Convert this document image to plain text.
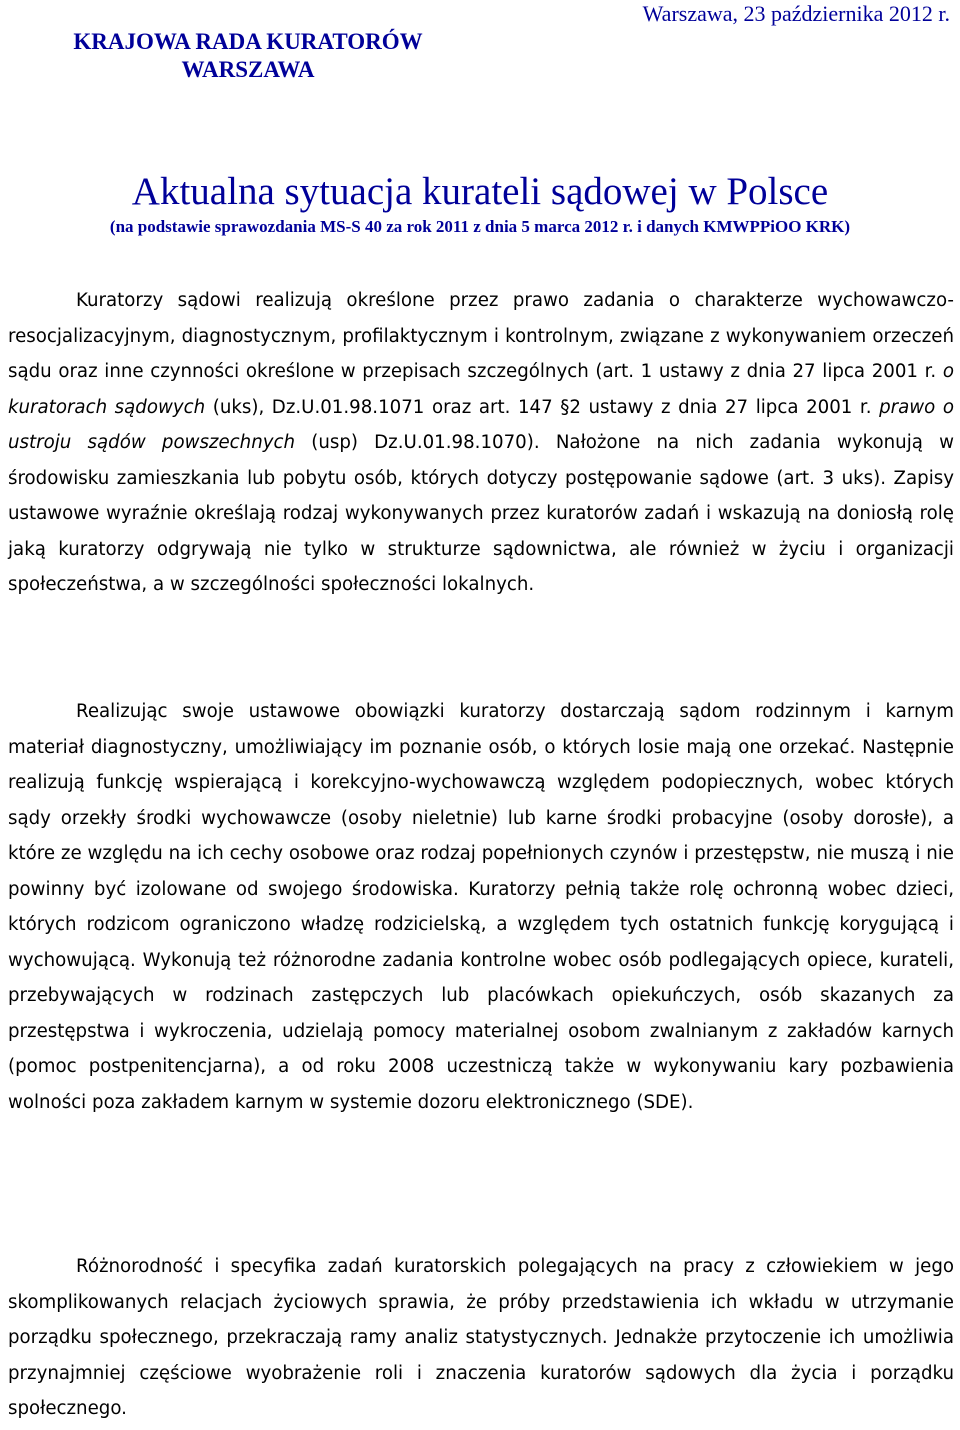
KRAJOWA RADA KURATORÓW
WARSZAWA
Warszawa, 23 października 2012 r.
Aktualna sytuacja kurateli sądowej w Polsce
(na podstawie sprawozdania MS-S 40 za rok 2011 z dnia 5 marca 2012 r. i danych KMWPPiOO KRK)

Kuratorzy sądowi realizują określone przez prawo zadania o charakterze wychowawczo-resocjalizacyjnym, diagnostycznym, profilaktycznym i kontrolnym, związane z wykonywaniem orzeczeń sądu oraz inne czynności określone w przepisach szczególnych (art. 1 ustawy z dnia 27 lipca 2001 r. o kuratorach sądowych (uks), Dz.U.01.98.1071 oraz art. 147 §2 ustawy z dnia 27 lipca 2001 r. prawo o ustroju sądów powszechnych (usp) Dz.U.01.98.1070). Nałożone na nich zadania wykonują w środowisku zamieszkania lub pobytu osób, których dotyczy postępowanie sądowe (art. 3 uks). Zapisy ustawowe wyraźnie określają rodzaj wykonywanych przez kuratorów zadań i wskazują na doniosłą rolę jaką kuratorzy odgrywają nie tylko w strukturze sądownictwa, ale również w życiu i organizacji społeczeństwa, a w szczególności społeczności lokalnych.

Realizując swoje ustawowe obowiązki kuratorzy dostarczają sądom rodzinnym i karnym materiał diagnostyczny, umożliwiający im poznanie osób, o których losie mają one orzekać. Następnie realizują funkcję wspierającą i korekcyjno-wychowawczą względem podopiecznych, wobec których sądy orzekły środki wychowawcze (osoby nieletnie) lub karne środki probacyjne (osoby dorosłe), a które ze względu na ich cechy osobowe oraz rodzaj popełnionych czynów i przestępstw, nie muszą i nie powinny być izolowane od swojego środowiska. Kuratorzy pełnią także rolę ochronną wobec dzieci, których rodzicom ograniczono władzę rodzicielską, a względem tych ostatnich funkcję korygującą i wychowującą. Wykonują też różnorodne zadania kontrolne wobec osób podlegających opiece, kurateli, przebywających w rodzinach zastępczych lub placówkach opiekuńczych, osób skazanych za przestępstwa i wykroczenia, udzielają pomocy materialnej osobom zwalnianym z zakładów karnych (pomoc postpenitencjarna), a od roku 2008 uczestniczą także w wykonywaniu kary pozbawienia wolności poza zakładem karnym w systemie dozoru elektronicznego (SDE).

Różnorodność i specyfika zadań kuratorskich polegających na pracy z człowiekiem w jego skomplikowanych relacjach życiowych sprawia, że próby przedstawienia ich wkładu w utrzymanie porządku społecznego, przekraczają ramy analiz statystycznych. Jednakże przytoczenie ich umożliwia przynajmniej częściowe wyobrażenie roli i znaczenia kuratorów sądowych dla życia i porządku społecznego.
